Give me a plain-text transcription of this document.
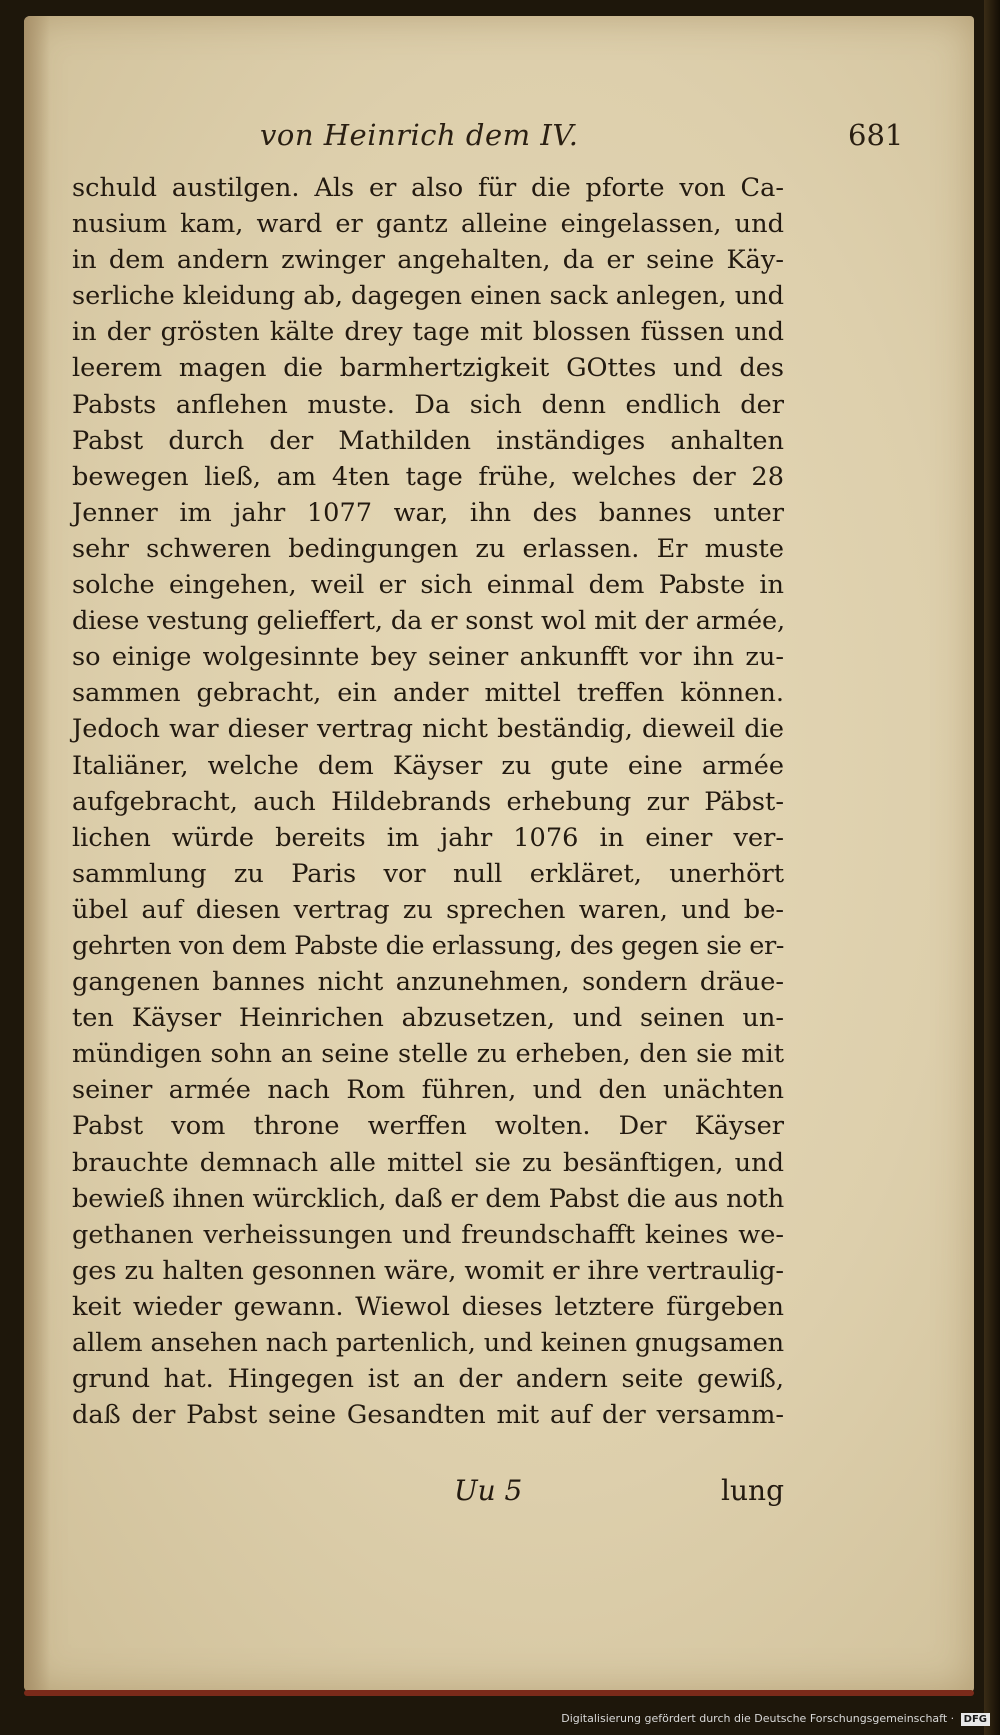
von Heinrich dem IV.	681
schuld austilgen. Als er also für die pforte von Ca-
nusium kam, ward er gantz alleine eingelassen, und
in dem andern zwinger angehalten, da er seine Käy-
serliche kleidung ab, dagegen einen sack anlegen, und
in der grösten kälte drey tage mit blossen füssen und
leerem magen die barmhertzigkeit GOttes und des
Pabsts anflehen muste. Da sich denn endlich der
Pabst durch der Mathilden inständiges anhalten
bewegen ließ, am 4ten tage frühe, welches der 28
Jenner im jahr 1077 war, ihn des bannes unter
sehr schweren bedingungen zu erlassen. Er muste
solche eingehen, weil er sich einmal dem Pabste in
diese vestung gelieffert, da er sonst wol mit der armée,
so einige wolgesinnte bey seiner ankunfft vor ihn zu-
sammen gebracht, ein ander mittel treffen können.
Jedoch war dieser vertrag nicht beständig, dieweil die
Italiäner, welche dem Käyser zu gute eine armée
aufgebracht, auch Hildebrands erhebung zur Päbst-
lichen würde bereits im jahr 1076 in einer ver-
sammlung zu Paris vor null erkläret, unerhört
übel auf diesen vertrag zu sprechen waren, und be-
gehrten von dem Pabste die erlassung, des gegen sie er-
gangenen bannes nicht anzunehmen, sondern dräue-
ten Käyser Heinrichen abzusetzen, und seinen un-
mündigen sohn an seine stelle zu erheben, den sie mit
seiner armée nach Rom führen, und den unächten
Pabst vom throne werffen wolten. Der Käyser
brauchte demnach alle mittel sie zu besänftigen, und
bewieß ihnen würcklich, daß er dem Pabst die aus noth
gethanen verheissungen und freundschafft keines we-
ges zu halten gesonnen wäre, womit er ihre vertraulig-
keit wieder gewann. Wiewol dieses letztere fürgeben
allem ansehen nach partenlich, und keinen gnugsamen
grund hat. Hingegen ist an der andern seite gewiß,
daß der Pabst seine Gesandten mit auf der versamm-
Uu 5	lung
Digitalisierung gefördert durch die Deutsche Forschungsgemeinschaft · DFG
